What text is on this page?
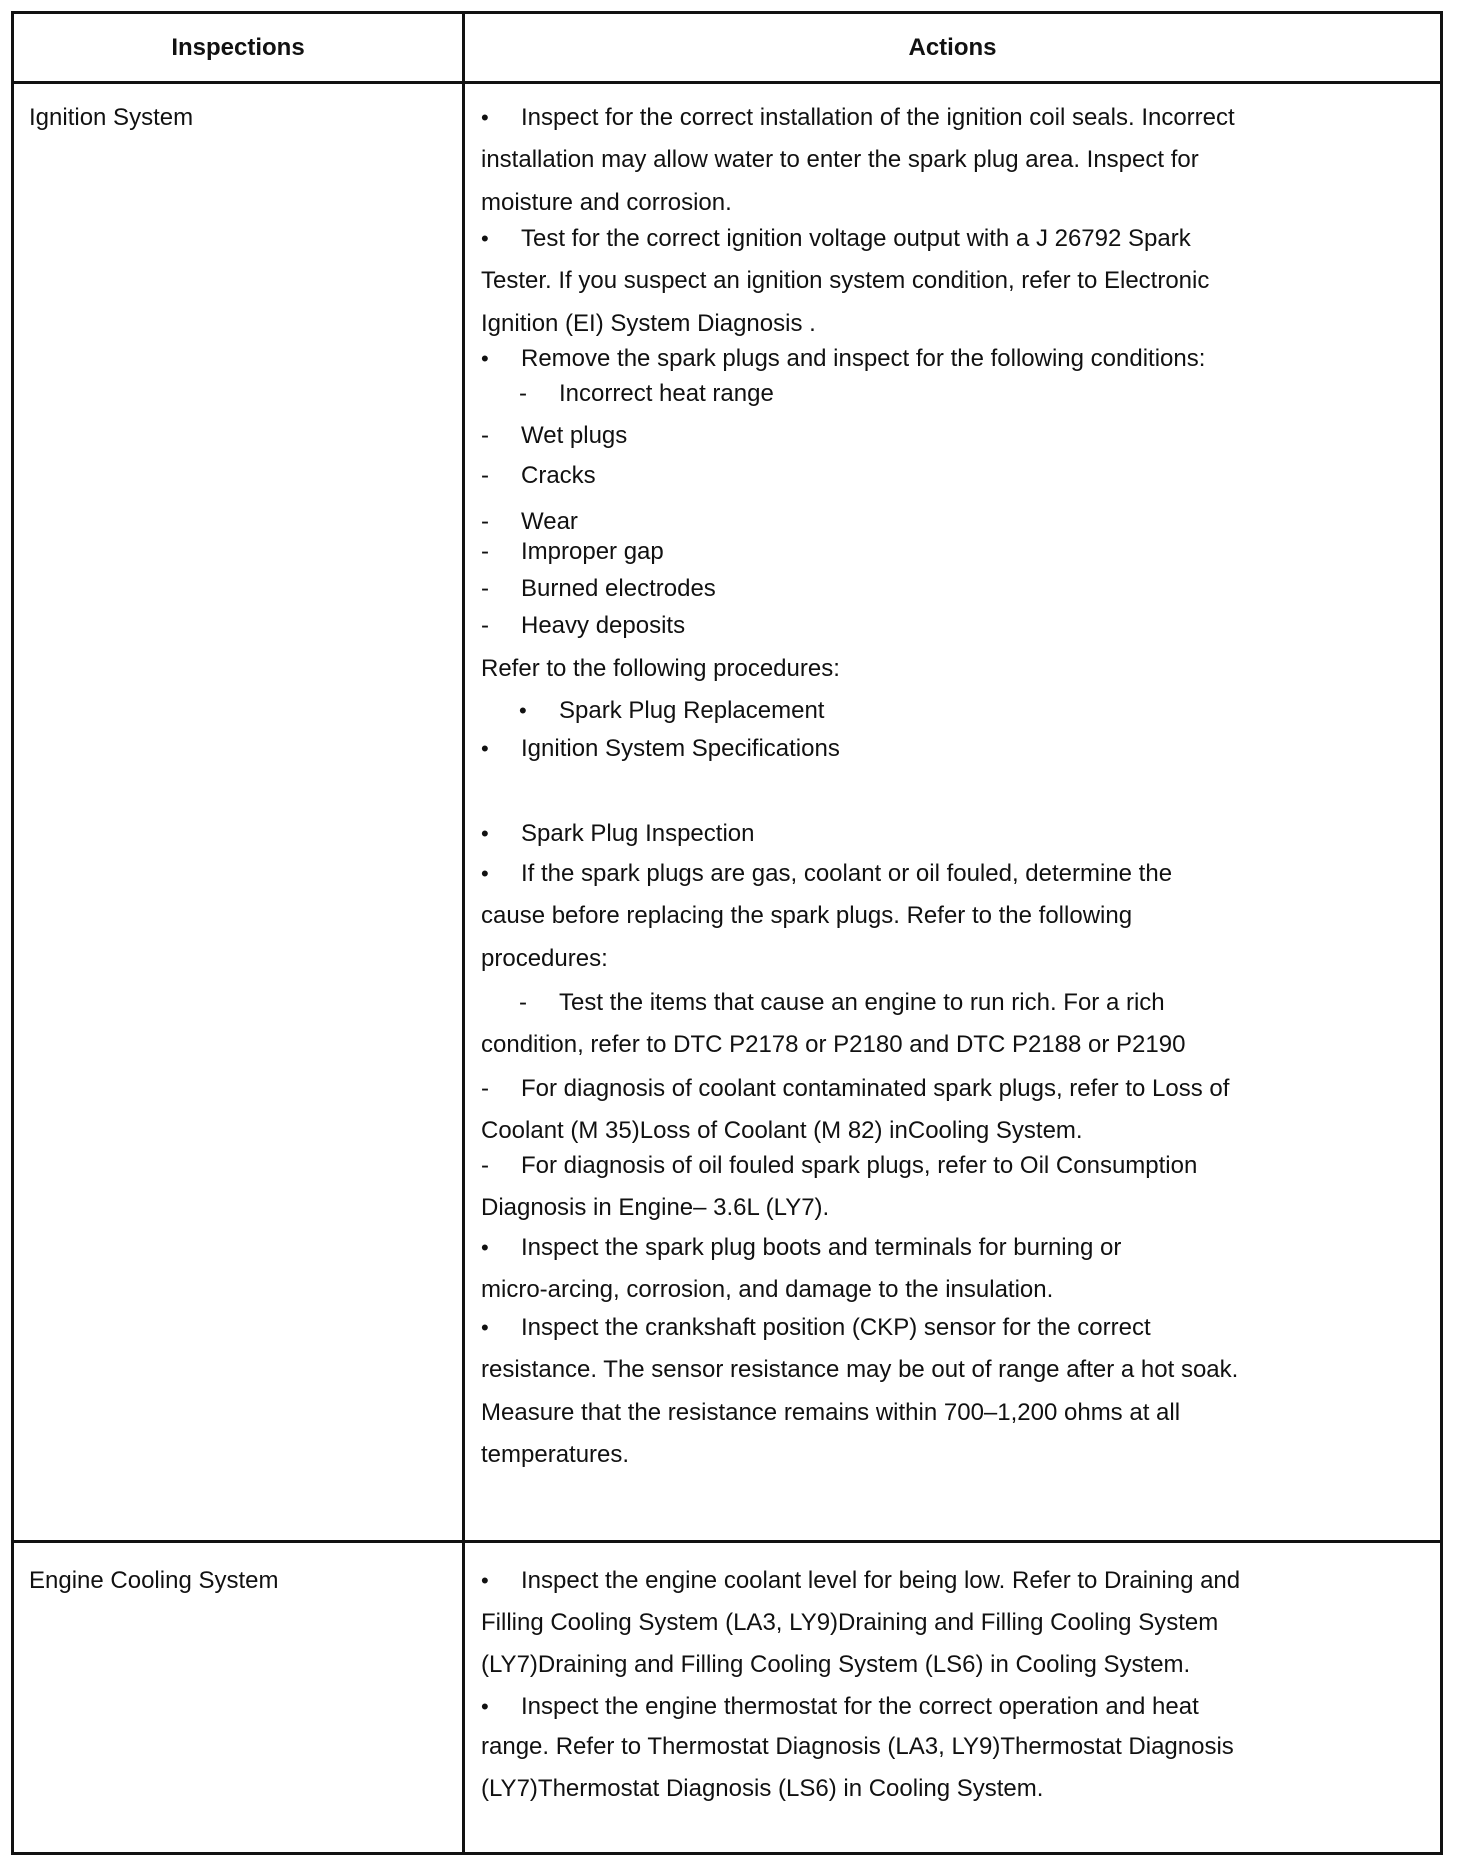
Inspections	Actions
Ignition System
Engine Cooling System
• Inspect for the correct installation of the ignition coil seals. Incorrect
installation may allow water to enter the spark plug area. Inspect for
moisture and corrosion.
• Test for the correct ignition voltage output with a J 26792 Spark
Tester. If you suspect an ignition system condition, refer to Electronic
Ignition (EI) System Diagnosis .
• Remove the spark plugs and inspect for the following conditions:
- Incorrect heat range
- Wet plugs
- Cracks
- Wear
- Improper gap
- Burned electrodes
- Heavy deposits
Refer to the following procedures:
• Spark Plug Replacement
• Ignition System Specifications
• Spark Plug Inspection
• If the spark plugs are gas, coolant or oil fouled, determine the
cause before replacing the spark plugs. Refer to the following
procedures:
- Test the items that cause an engine to run rich. For a rich
condition, refer to DTC P2178 or P2180 and DTC P2188 or P2190
- For diagnosis of coolant contaminated spark plugs, refer to Loss of
Coolant (M 35)Loss of Coolant (M 82) inCooling System.
- For diagnosis of oil fouled spark plugs, refer to Oil Consumption
Diagnosis in Engine– 3.6L (LY7).
• Inspect the spark plug boots and terminals for burning or
micro-arcing, corrosion, and damage to the insulation.
• Inspect the crankshaft position (CKP) sensor for the correct
resistance. The sensor resistance may be out of range after a hot soak.
Measure that the resistance remains within 700–1,200 ohms at all
temperatures.
• Inspect the engine coolant level for being low. Refer to Draining and
Filling Cooling System (LA3, LY9)Draining and Filling Cooling System
(LY7)Draining and Filling Cooling System (LS6) in Cooling System.
• Inspect the engine thermostat for the correct operation and heat
range. Refer to Thermostat Diagnosis (LA3, LY9)Thermostat Diagnosis
(LY7)Thermostat Diagnosis (LS6) in Cooling System.
